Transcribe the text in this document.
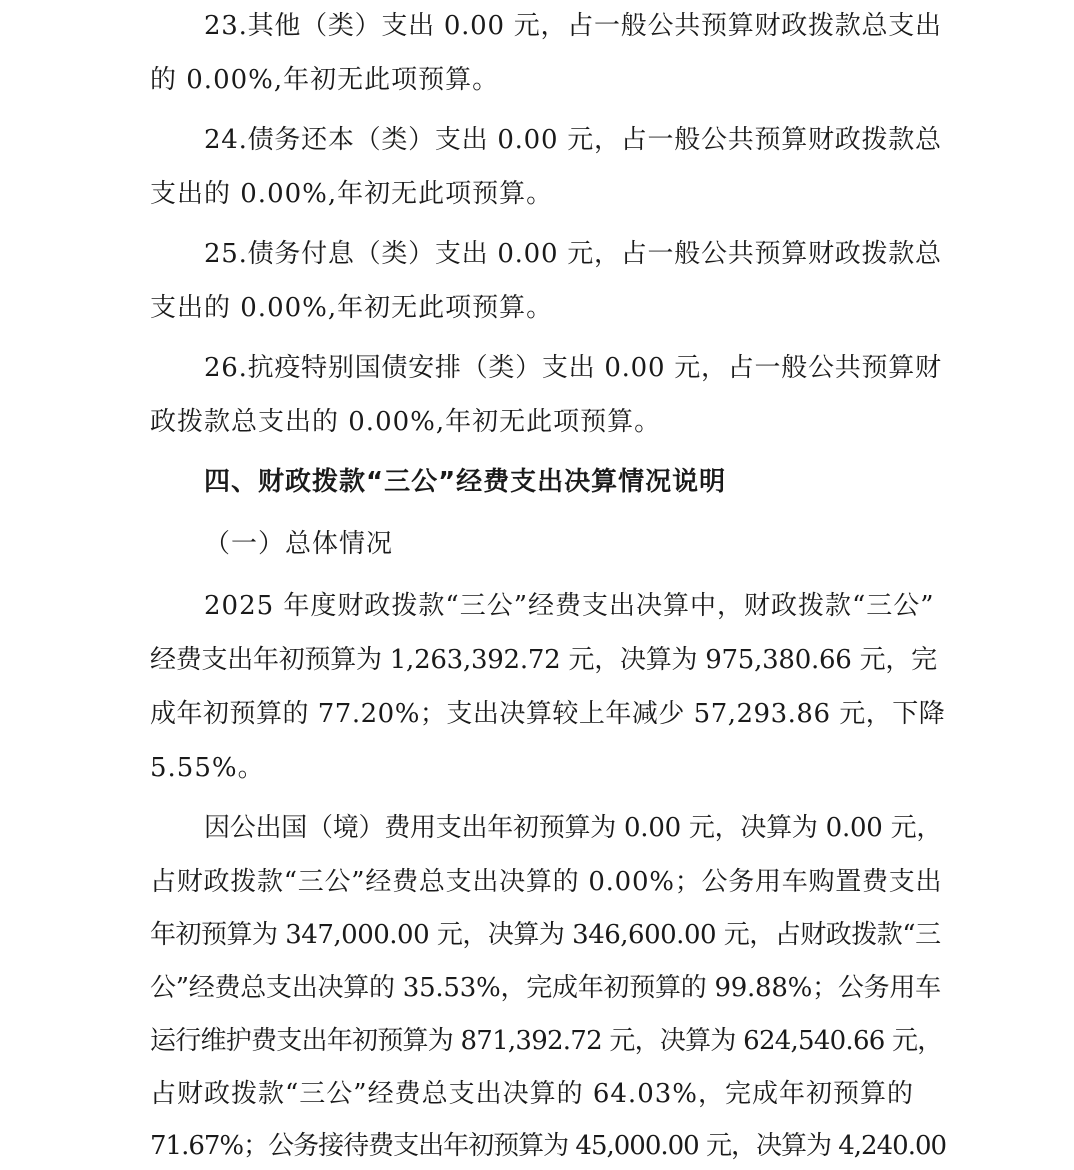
23.其他（类）支出 0.00 元，占一般公共预算财政拨款总支出
的 0.00%,年初无此项预算。
24.债务还本（类）支出 0.00 元，占一般公共预算财政拨款总
支出的 0.00%,年初无此项预算。
25.债务付息（类）支出 0.00 元，占一般公共预算财政拨款总
支出的 0.00%,年初无此项预算。
26.抗疫特别国债安排（类）支出 0.00 元，占一般公共预算财
政拨款总支出的 0.00%,年初无此项预算。
四、财政拨款“三公”经费支出决算情况说明
（一）总体情况
2025 年度财政拨款“三公”经费支出决算中，财政拨款“三公”
经费支出年初预算为 1,263,392.72 元，决算为 975,380.66 元，完
成年初预算的 77.20%；支出决算较上年减少 57,293.86 元，下降
5.55%。
因公出国（境）费用支出年初预算为 0.00 元，决算为 0.00 元，
占财政拨款“三公”经费总支出决算的 0.00%；公务用车购置费支出
年初预算为 347,000.00 元，决算为 346,600.00 元，占财政拨款“三
公”经费总支出决算的 35.53%，完成年初预算的 99.88%；公务用车
运行维护费支出年初预算为 871,392.72 元，决算为 624,540.66 元，
占财政拨款“三公”经费总支出决算的 64.03%，完成年初预算的
71.67%；公务接待费支出年初预算为 45,000.00 元，决算为 4,240.00
